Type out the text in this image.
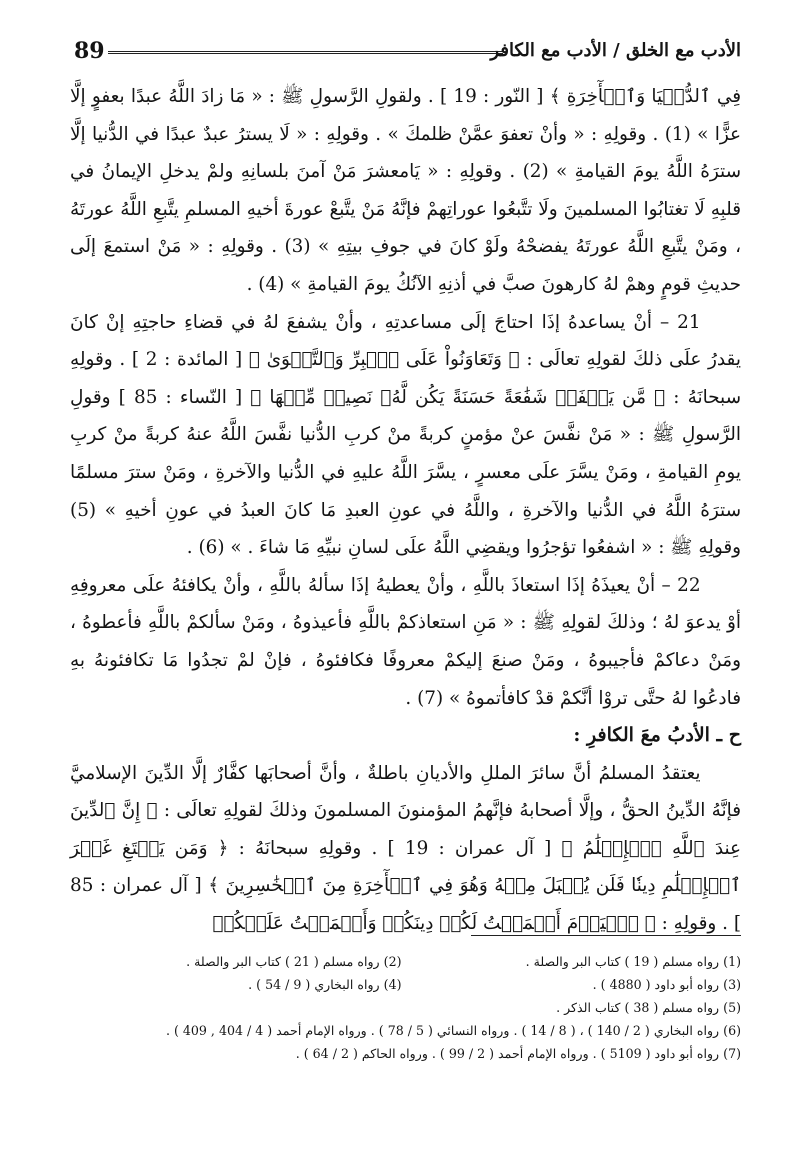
89	الأدب مع الخلق / الأدب مع الكافر

فِي ٱلدُّنۡيَا وَٱلۡأٓخِرَةِ ﴾ [ النّور : 19 ] . ولقولِ الرَّسولِ ﷺ : « مَا زادَ اللَّهُ عبدًا بعفوٍ إلَّا عزًّا » (1) . وقولِهِ : « وأنْ تعفوَ عمَّنْ ظلمكَ » . وقولِهِ : « لَا يسترُ عبدٌ عبدًا في الدُّنيا إلَّا سترَهُ اللَّهُ يومَ القيامةِ » (2) . وقولِهِ : « يَامعشرَ مَنْ آمنَ بلسانِهِ ولمْ يدخلِ الإيمانُ في قلبِهِ لَا تغتابُوا المسلمينَ ولَا تتَّبعُوا عوراتِهمْ فإنَّهُ مَنْ يتَّبعْ عورةَ أخيهِ المسلمِ يتَّبعِ اللَّهُ عورتَهُ ، ومَنْ يتَّبعِ اللَّهُ عورتَهُ يفضحْهُ ولَوْ كانَ في جوفِ بيتِهِ » (3) . وقولِهِ : « مَنْ استمعَ إلَى حديثِ قومٍ وهمْ لهُ كارهونَ صبَّ في أذنِهِ الآنُكُ يومَ القيامةِ » (4) .

21 – أنْ يساعدهُ إذَا احتاجَ إلَى مساعدتِهِ ، وأنْ يشفعَ لهُ في قضاءِ حاجتِهِ إنْ كانَ يقدرُ علَى ذلكَ لقولِهِ تعالَى : ﴿ وَتَعَاوَنُواْ عَلَى ٱلۡبِرِّ وَٱلتَّقۡوَىٰ ﴾ [ المائدة : 2 ] . وقولِهِ سبحانَهُ : ﴿ مَّن يَشۡفَعۡ شَفَٰعَةً حَسَنَةً يَكُن لَّهُۥ نَصِيبٞ مِّنۡهَا ﴾ [ النّساء : 85 ] وقولِ الرَّسولِ ﷺ : « مَنْ نفَّسَ عنْ مؤمنٍ كربةً منْ كربِ الدُّنيا نفَّسَ اللَّهُ عنهُ كربةً منْ كربِ يومِ القيامةِ ، ومَنْ يسَّرَ علَى معسرٍ ، يسَّرَ اللَّهُ عليهِ في الدُّنيا والآخرةِ ، ومَنْ سترَ مسلمًا سترَهُ اللَّهُ في الدُّنيا والآخرةِ ، واللَّهُ في عونِ العبدِ مَا كانَ العبدُ في عونِ أخيهِ » (5) وقولِهِ ﷺ : « اشفعُوا تؤجرُوا ويقضِي اللَّهُ علَى لسانِ نبيِّهِ مَا شاءَ . » (6) .

22 – أنْ يعيذَهُ إذَا استعاذَ باللَّهِ ، وأنْ يعطيهُ إذَا سألهُ باللَّهِ ، وأنْ يكافئهُ علَى معروفِهِ أوْ يدعوَ لهُ ؛ وذلكَ لقولِهِ ﷺ : « مَنِ استعاذكمْ باللَّهِ فأعيذوهُ ، ومَنْ سألكمْ باللَّهِ فأعطوهُ ، ومَنْ دعاكمْ فأجيبوهُ ، ومَنْ صنعَ إليكمْ معروفًا فكافئوهُ ، فإنْ لمْ تجدُوا مَا تكافئونهُ بهِ فادعُوا لهُ حتَّى تروْا أنَّكمْ قدْ كافأتموهُ » (7) .

ح ـ الأدبُ معَ الكافرِ :

يعتقدُ المسلمُ أنَّ سائرَ المللِ والأديانِ باطلةٌ ، وأنَّ أصحابَها كفَّارٌ إلَّا الدِّينَ الإسلاميَّ فإنَّهُ الدِّينُ الحقُّ ، وإلَّا أصحابهُ فإنَّهمُ المؤمنونَ المسلمونَ وذلكَ لقولِهِ تعالَى : ﴿ إِنَّ ٱلدِّينَ عِندَ ٱللَّهِ ٱلۡإِسۡلَٰمُ ﴾ [ آل عمران : 19 ] . وقولِهِ سبحانَهُ : ﴿ وَمَن يَبۡتَغِ غَيۡرَ ٱلۡإِسۡلَٰمِ دِينٗا فَلَن يُقۡبَلَ مِنۡهُ وَهُوَ فِي ٱلۡأٓخِرَةِ مِنَ ٱلۡخَٰسِرِينَ ﴾ [ آل عمران : 85 ] . وقولِهِ : ﴿ ٱلۡيَوۡمَ أَكۡمَلۡتُ لَكُمۡ دِينَكُمۡ وَأَتۡمَمۡتُ عَلَيۡكُمۡ

(1) رواه مسلم ( 19 ) كتاب البر والصلة .
(2) رواه مسلم ( 21 ) كتاب البر والصلة .
(3) رواه أبو داود ( 4880 ) .
(4) رواه البخاري ( 9 / 54 ) .
(5) رواه مسلم ( 38 ) كتاب الذكر .
(6) رواه البخاري ( 2 / 140 ) ، ( 8 / 14 ) . ورواه النسائي ( 5 / 78 ) . ورواه الإمام أحمد ( 4 / 404 , 409 ) .
(7) رواه أبو داود ( 5109 ) . ورواه الإمام أحمد ( 2 / 99 ) . ورواه الحاكم ( 2 / 64 ) .
